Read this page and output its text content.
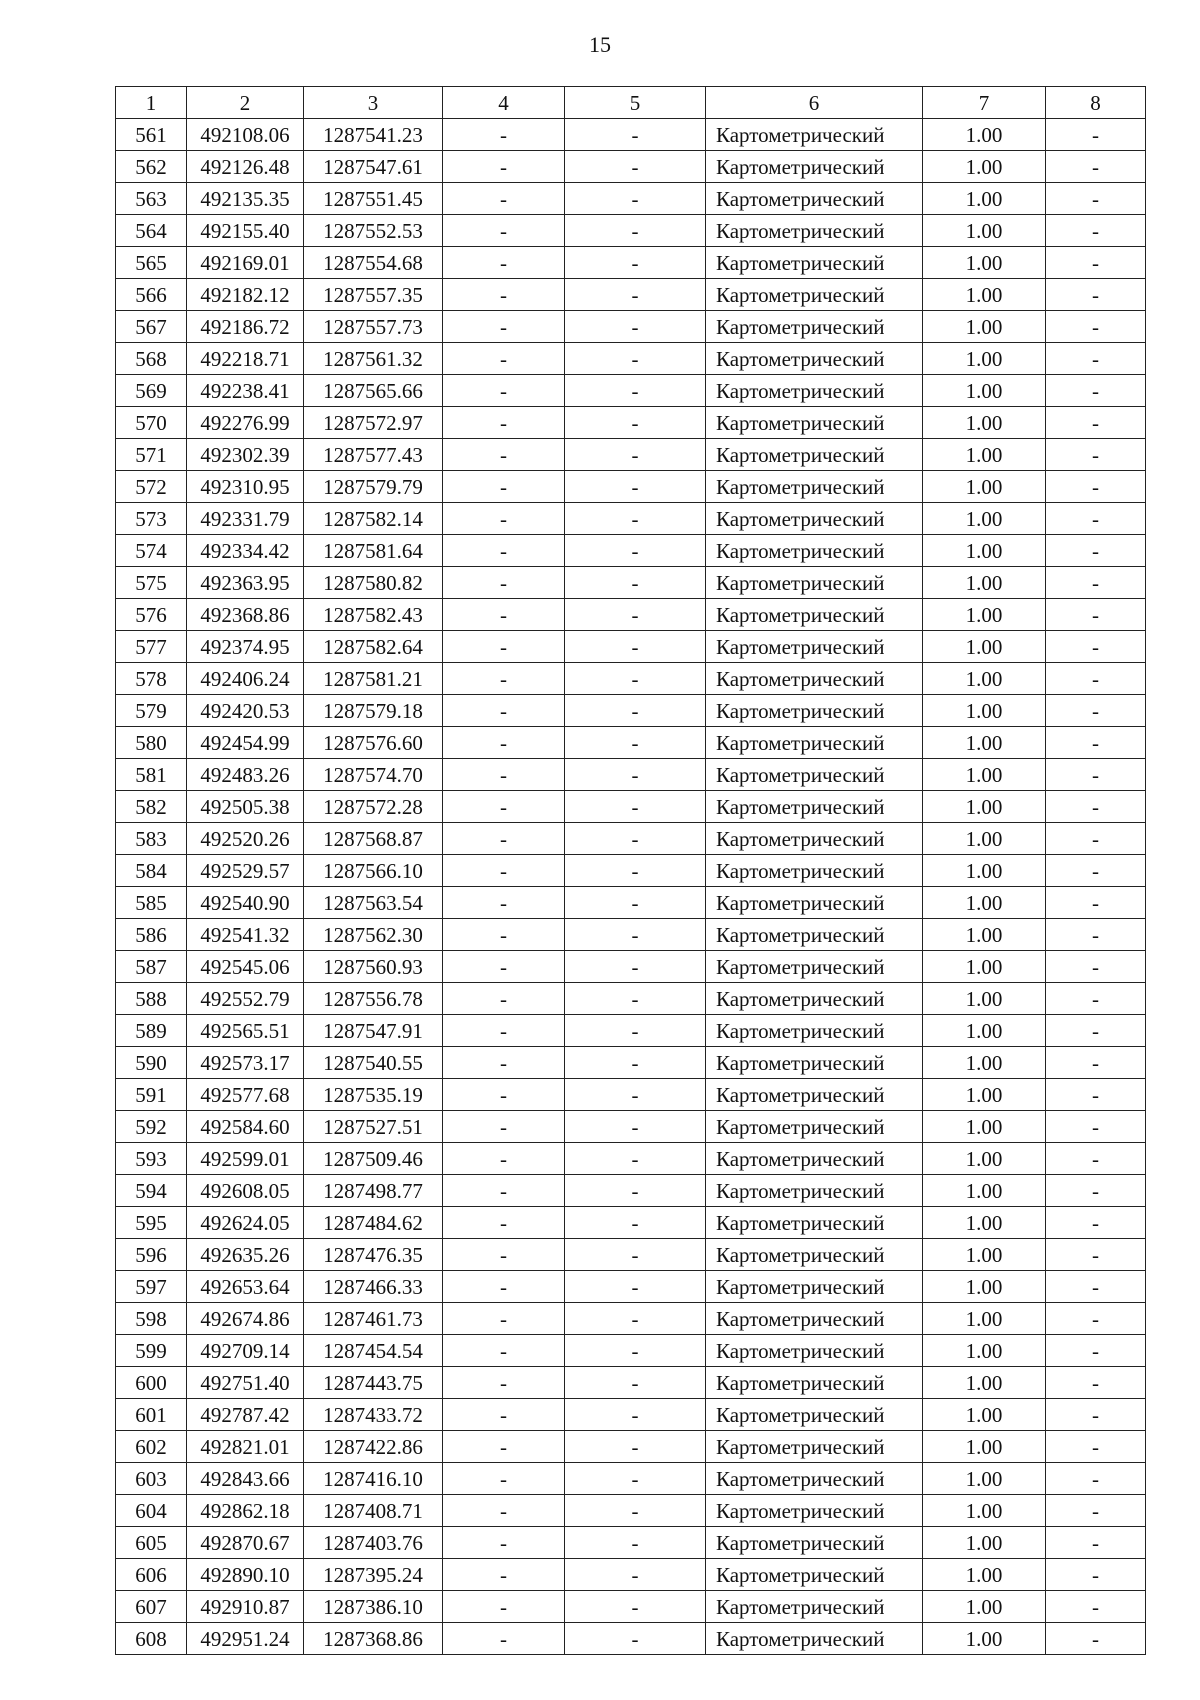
15
1	2	3	4	5	6	7	8
561	492108.06	1287541.23	-	-	Картометрический	1.00	-
562	492126.48	1287547.61	-	-	Картометрический	1.00	-
563	492135.35	1287551.45	-	-	Картометрический	1.00	-
564	492155.40	1287552.53	-	-	Картометрический	1.00	-
565	492169.01	1287554.68	-	-	Картометрический	1.00	-
566	492182.12	1287557.35	-	-	Картометрический	1.00	-
567	492186.72	1287557.73	-	-	Картометрический	1.00	-
568	492218.71	1287561.32	-	-	Картометрический	1.00	-
569	492238.41	1287565.66	-	-	Картометрический	1.00	-
570	492276.99	1287572.97	-	-	Картометрический	1.00	-
571	492302.39	1287577.43	-	-	Картометрический	1.00	-
572	492310.95	1287579.79	-	-	Картометрический	1.00	-
573	492331.79	1287582.14	-	-	Картометрический	1.00	-
574	492334.42	1287581.64	-	-	Картометрический	1.00	-
575	492363.95	1287580.82	-	-	Картометрический	1.00	-
576	492368.86	1287582.43	-	-	Картометрический	1.00	-
577	492374.95	1287582.64	-	-	Картометрический	1.00	-
578	492406.24	1287581.21	-	-	Картометрический	1.00	-
579	492420.53	1287579.18	-	-	Картометрический	1.00	-
580	492454.99	1287576.60	-	-	Картометрический	1.00	-
581	492483.26	1287574.70	-	-	Картометрический	1.00	-
582	492505.38	1287572.28	-	-	Картометрический	1.00	-
583	492520.26	1287568.87	-	-	Картометрический	1.00	-
584	492529.57	1287566.10	-	-	Картометрический	1.00	-
585	492540.90	1287563.54	-	-	Картометрический	1.00	-
586	492541.32	1287562.30	-	-	Картометрический	1.00	-
587	492545.06	1287560.93	-	-	Картометрический	1.00	-
588	492552.79	1287556.78	-	-	Картометрический	1.00	-
589	492565.51	1287547.91	-	-	Картометрический	1.00	-
590	492573.17	1287540.55	-	-	Картометрический	1.00	-
591	492577.68	1287535.19	-	-	Картометрический	1.00	-
592	492584.60	1287527.51	-	-	Картометрический	1.00	-
593	492599.01	1287509.46	-	-	Картометрический	1.00	-
594	492608.05	1287498.77	-	-	Картометрический	1.00	-
595	492624.05	1287484.62	-	-	Картометрический	1.00	-
596	492635.26	1287476.35	-	-	Картометрический	1.00	-
597	492653.64	1287466.33	-	-	Картометрический	1.00	-
598	492674.86	1287461.73	-	-	Картометрический	1.00	-
599	492709.14	1287454.54	-	-	Картометрический	1.00	-
600	492751.40	1287443.75	-	-	Картометрический	1.00	-
601	492787.42	1287433.72	-	-	Картометрический	1.00	-
602	492821.01	1287422.86	-	-	Картометрический	1.00	-
603	492843.66	1287416.10	-	-	Картометрический	1.00	-
604	492862.18	1287408.71	-	-	Картометрический	1.00	-
605	492870.67	1287403.76	-	-	Картометрический	1.00	-
606	492890.10	1287395.24	-	-	Картометрический	1.00	-
607	492910.87	1287386.10	-	-	Картометрический	1.00	-
608	492951.24	1287368.86	-	-	Картометрический	1.00	-
